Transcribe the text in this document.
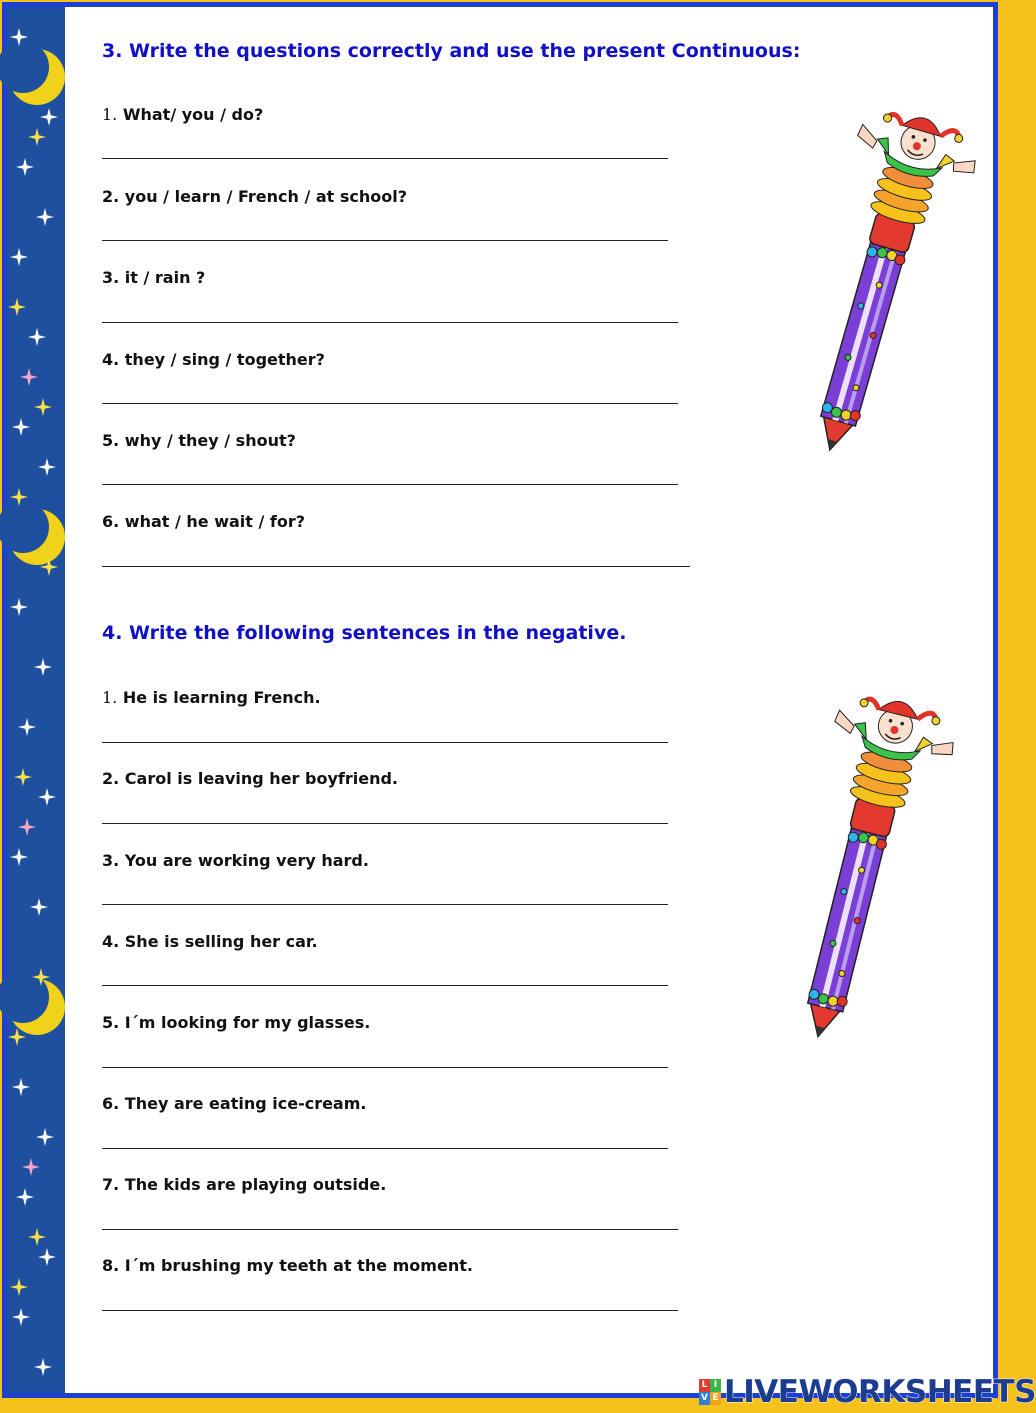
3. Write the questions correctly and use the present Continuous:
1. What/ you / do?
2. you / learn / French / at school?
3. it / rain ?
4. they / sing / together?
5. why / they / shout?
6. what / he wait / for?
4. Write the following sentences in the negative.
1. He is learning French.
2. Carol is leaving her boyfriend.
3. You are working very hard.
4. She is selling her car.
5. I´m looking for my glasses.
6. They are eating ice-cream.
7. The kids are playing outside.
8. I´m brushing my teeth at the moment.
L I
V E LIVEWORKSHEETS
